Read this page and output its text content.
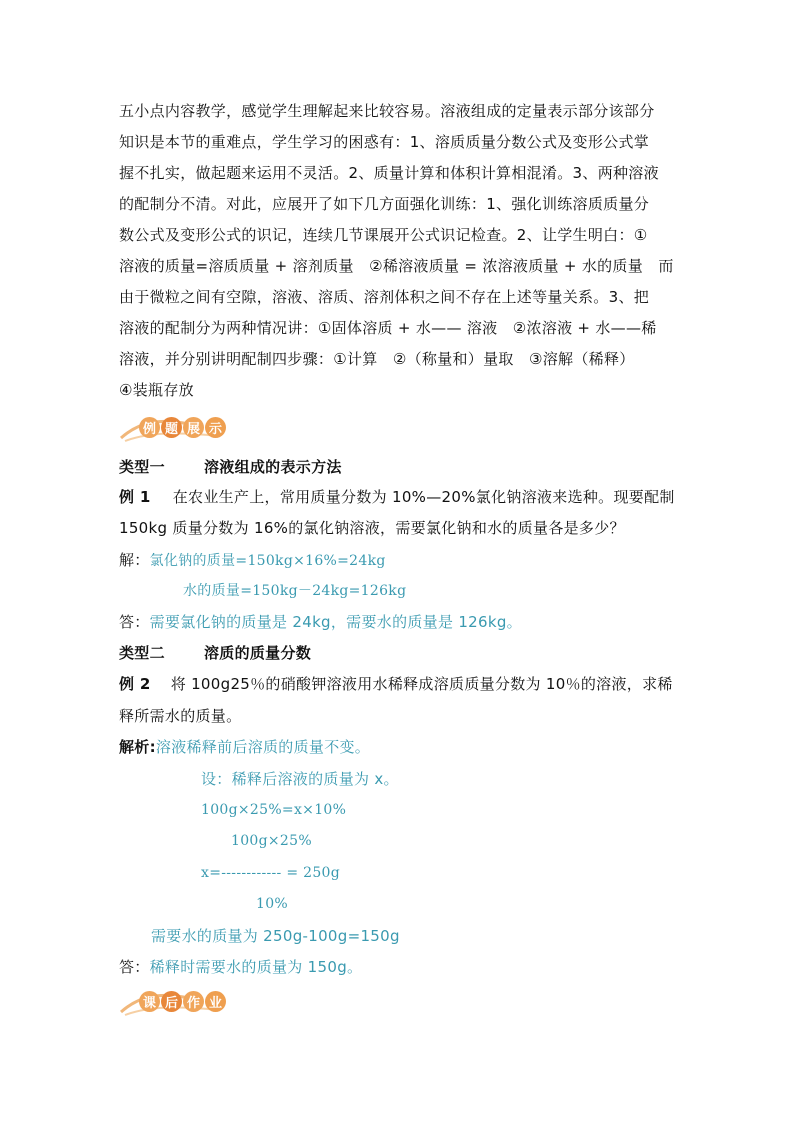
五小点内容教学，感觉学生理解起来比较容易。溶液组成的定量表示部分该部分
知识是本节的重难点，学生学习的困惑有：1、溶质质量分数公式及变形公式掌
握不扎实，做起题来运用不灵活。2、质量计算和体积计算相混淆。3、两种溶液
的配制分不清。对此，应展开了如下几方面强化训练：1、强化训练溶质质量分
数公式及变形公式的识记，连续几节课展开公式识记检查。2、让学生明白：①
溶液的质量=溶质质量 + 溶剂质量　②稀溶液质量 = 浓溶液质量 + 水的质量　而
由于微粒之间有空隙，溶液、溶质、溶剂体积之间不存在上述等量关系。3、把
溶液的配制分为两种情况讲：①固体溶质 + 水—— 溶液　②浓溶液 + 水——稀
溶液，并分别讲明配制四步骤：①计算　②（称量和）量取　③溶解（稀释）
④装瓶存放
例 题 展 示
类型一	溶液组成的表示方法
例 1 在农业生产上，常用质量分数为 10%—20%氯化钠溶液来选种。现要配制
150kg 质量分数为 16%的氯化钠溶液，需要氯化钠和水的质量各是多少？
解：氯化钠的质量=150kg×16%=24kg
水的质量=150kg－24kg=126kg
答：需要氯化钠的质量是 24kg，需要水的质量是 126kg。
类型二	溶质的质量分数
例 2 将 100g25％的硝酸钾溶液用水稀释成溶质质量分数为 10％的溶液，求稀
释所需水的质量。
解析:溶液稀释前后溶质的质量不变。
设：稀释后溶液的质量为 x。
100g×25%=x×10%
100g×25%
x=------------ = 250g
10%
需要水的质量为 250g-100g=150g
答：稀释时需要水的质量为 150g。
课 后 作 业
